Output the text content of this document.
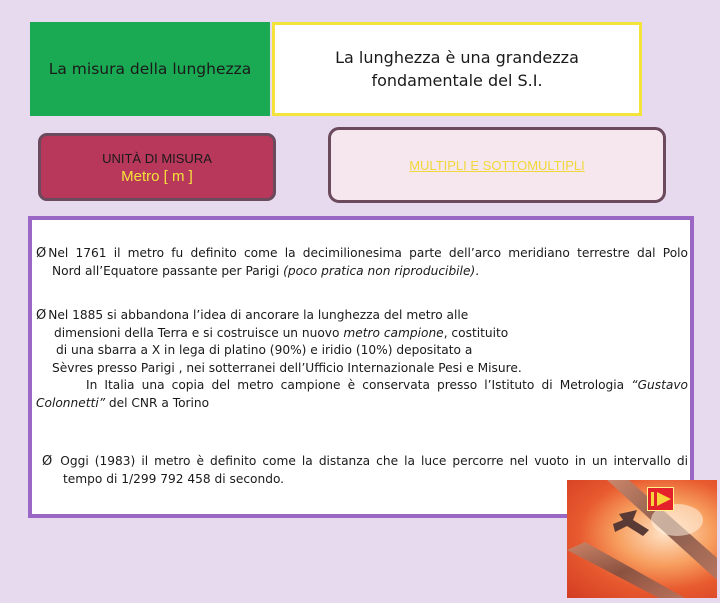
La misura della lunghezza
La lunghezza è una grandezza
fondamentale del S.I.
UNITÀ DI MISURA
Metro [ m ]
MULTIPLI E SOTTOMULTIPLI
Ø Nel 1761 il metro fu definito come la decimilionesima parte dell’arco meridiano terrestre dal Polo
Nord all’Equatore passante per Parigi (poco pratica non riproducibile).
Ø Nel 1885 si abbandona l’idea di ancorare la lunghezza del metro alle
dimensioni della Terra e si costruisce un nuovo metro campione, costituito
di una sbarra a X in lega di platino (90%) e iridio (10%) depositato a
Sèvres presso Parigi , nei sotterranei dell’Ufficio Internazionale Pesi e Misure.
In Italia una copia del metro campione è conservata presso l’Istituto di Metrologia “Gustavo
Colonnetti” del CNR a Torino
Ø Oggi (1983) il metro è definito come la distanza che la luce percorre nel vuoto in un intervallo di
tempo di 1/299 792 458 di secondo.
